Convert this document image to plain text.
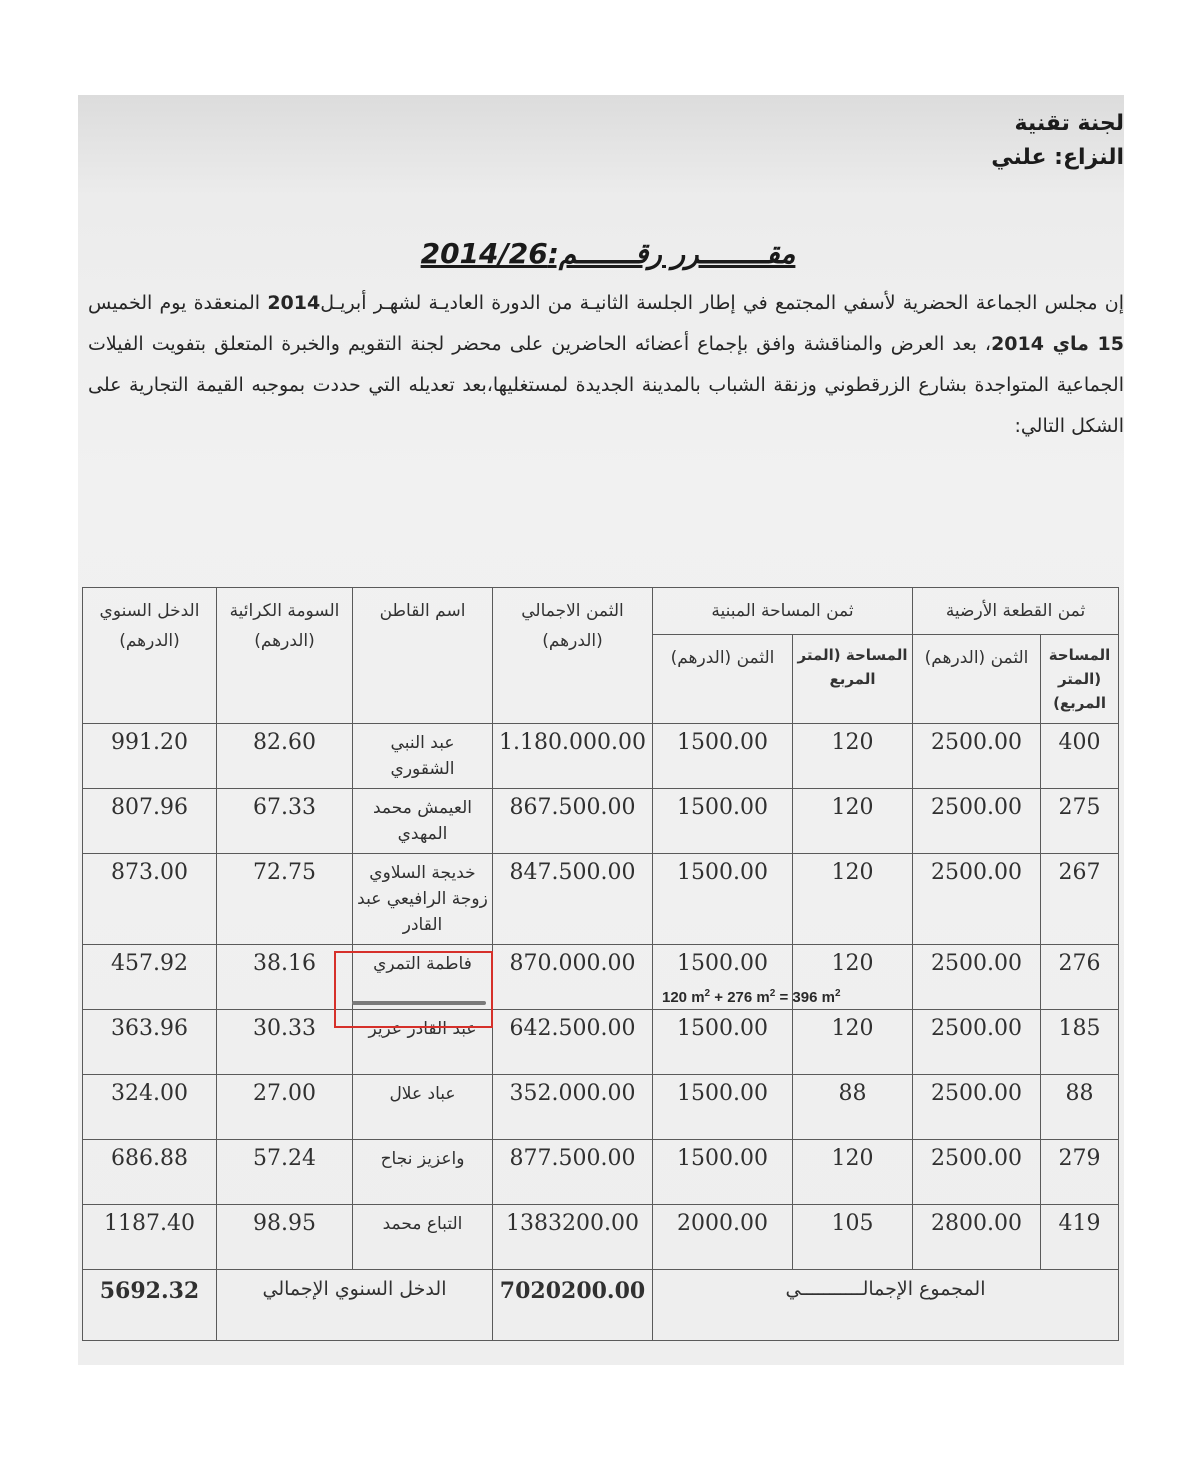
لجنة تقنية
النزاع: علني
مقــــــــرر رقـــــــم:2014/26
إن مجلس الجماعة الحضرية لأسفي المجتمع في إطار الجلسة الثانيـة من الدورة العاديـة لشهـر أبريـل2014 المنعقدة يوم الخميس 15 ماي 2014، بعد العرض والمناقشة وافق بإجماع أعضائه الحاضرين على محضر لجنة التقويم والخبرة المتعلق بتفويت الفيلات الجماعية المتواجدة بشارع الزرقطوني وزنقة الشباب بالمدينة الجديدة لمستغليها،بعد تعديله التي حددت بموجبه القيمة التجارية على الشكل التالي:
ثمن القطعة الأرضية		ثمن المساحة المبنية		الثمن الاجمالي (الدرهم)	اسم القاطن	السومة الكرائية (الدرهم)	الدخل السنوي (الدرهم)
المساحة (المتر المربع)	الثمن (الدرهم)	المساحة (المتر المربع	الثمن (الدرهم)				
400	2500.00	120	1500.00	1.180.000.00	عبد النبي الشقوري	82.60	991.20
275	2500.00	120	1500.00	867.500.00	العيمش محمد المهدي	67.33	807.96
267	2500.00	120	1500.00	847.500.00	خديجة السلاوي زوجة الرافيعي عبد القادر	72.75	873.00
276	2500.00	120	1500.00	870.000.00	فاطمة التمري	38.16	457.92
185	2500.00	120	1500.00	642.500.00	عبد القادر عزيز	30.33	363.96
88	2500.00	88	1500.00	352.000.00	عباد علال	27.00	324.00
279	2500.00	120	1500.00	877.500.00	واعزيز نجاح	57.24	686.88
419	2800.00	105	2000.00	1383200.00	التباع محمد	98.95	1187.40
المجموع الإجمالـــــــــــي				7020200.00	الدخل السنوي الإجمالي		5692.32
120 $m^2 + 276$ $m^2 = 396$ $m^2$
